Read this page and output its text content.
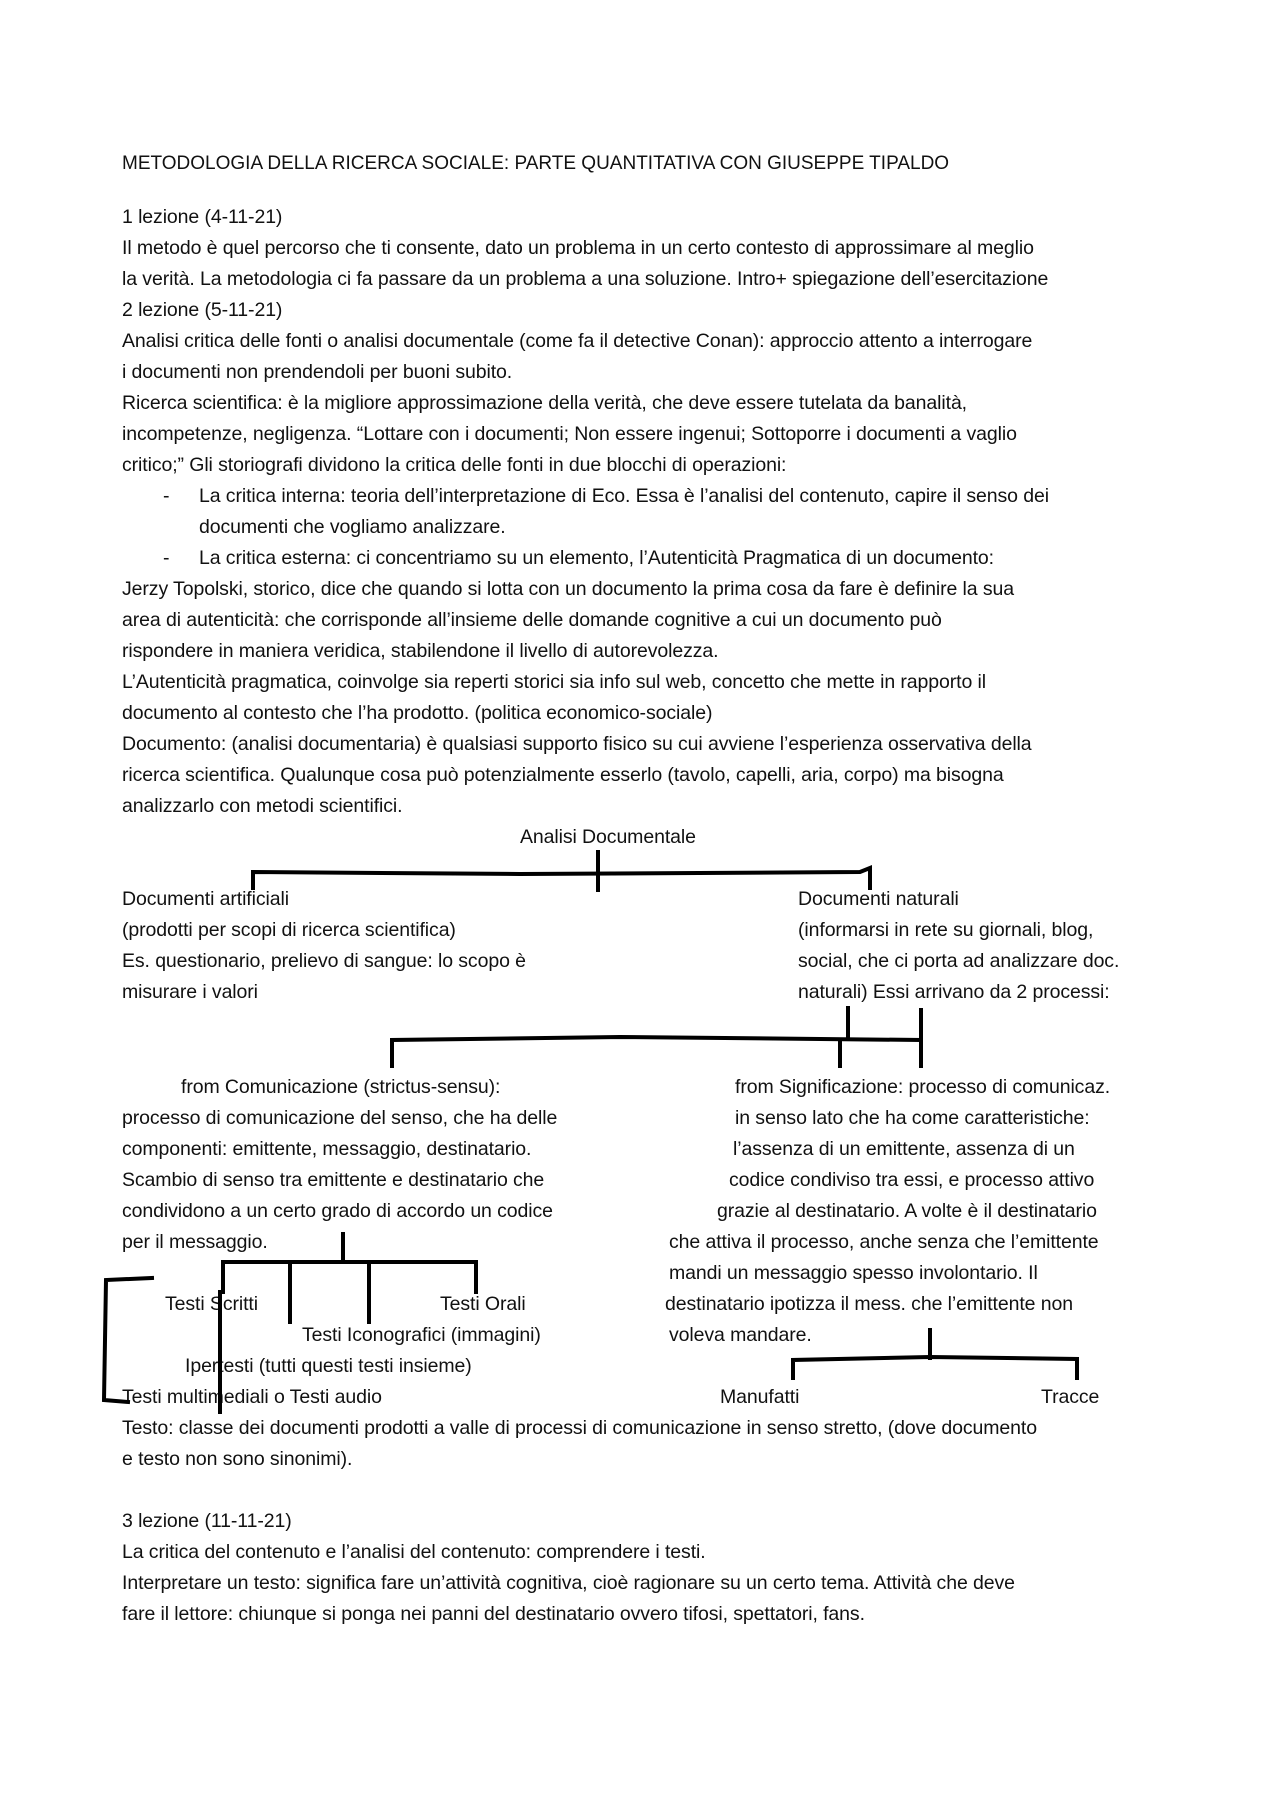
METODOLOGIA DELLA RICERCA SOCIALE: PARTE QUANTITATIVA CON GIUSEPPE TIPALDO
1 lezione (4-11-21)
Il metodo è quel percorso che ti consente, dato un problema in un certo contesto di approssimare al meglio
la verità. La metodologia ci fa passare da un problema a una soluzione. Intro+ spiegazione dell’esercitazione
2 lezione (5-11-21)
Analisi critica delle fonti o analisi documentale (come fa il detective Conan): approccio attento a interrogare
i documenti non prendendoli per buoni subito.
Ricerca scientifica: è la migliore approssimazione della verità, che deve essere tutelata da banalità,
incompetenze, negligenza. “Lottare con i documenti; Non essere ingenui; Sottoporre i documenti a vaglio
critico;” Gli storiografi dividono la critica delle fonti in due blocchi di operazioni:
- La critica interna: teoria dell’interpretazione di Eco. Essa è l’analisi del contenuto, capire il senso dei
documenti che vogliamo analizzare.
- La critica esterna: ci concentriamo su un elemento, l’Autenticità Pragmatica di un documento:
Jerzy Topolski, storico, dice che quando si lotta con un documento la prima cosa da fare è definire la sua
area di autenticità: che corrisponde all’insieme delle domande cognitive a cui un documento può
rispondere in maniera veridica, stabilendone il livello di autorevolezza.
L’Autenticità pragmatica, coinvolge sia reperti storici sia info sul web, concetto che mette in rapporto il
documento al contesto che l’ha prodotto. (politica economico-sociale)
Documento: (analisi documentaria) è qualsiasi supporto fisico su cui avviene l’esperienza osservativa della
ricerca scientifica. Qualunque cosa può potenzialmente esserlo (tavolo, capelli, aria, corpo) ma bisogna
analizzarlo con metodi scientifici.
Analisi Documentale
Documenti artificiali
(prodotti per scopi di ricerca scientifica)
Es. questionario, prelievo di sangue: lo scopo è
misurare i valori
Documenti naturali
(informarsi in rete su giornali, blog,
social, che ci porta ad analizzare doc.
naturali) Essi arrivano da 2 processi:
from Comunicazione (strictus-sensu):
processo di comunicazione del senso, che ha delle
componenti: emittente, messaggio, destinatario.
Scambio di senso tra emittente e destinatario che
condividono a un certo grado di accordo un codice
per il messaggio.
from Significazione: processo di comunicaz.
in senso lato che ha come caratteristiche:
l’assenza di un emittente, assenza di un
codice condiviso tra essi, e processo attivo
grazie al destinatario. A volte è il destinatario
che attiva il processo, anche senza che l’emittente
mandi un messaggio spesso involontario. Il
destinatario ipotizza il mess. che l’emittente non
voleva mandare.
Testi Scritti	Testi Orali
Testi Iconografici (immagini)
Ipertesti (tutti questi testi insieme)
Testi multimediali o Testi audio	Manufatti	Tracce
Testo: classe dei documenti prodotti a valle di processi di comunicazione in senso stretto, (dove documento
e testo non sono sinonimi).
3 lezione (11-11-21)
La critica del contenuto e l’analisi del contenuto: comprendere i testi.
Interpretare un testo: significa fare un’attività cognitiva, cioè ragionare su un certo tema. Attività che deve
fare il lettore: chiunque si ponga nei panni del destinatario ovvero tifosi, spettatori, fans.
